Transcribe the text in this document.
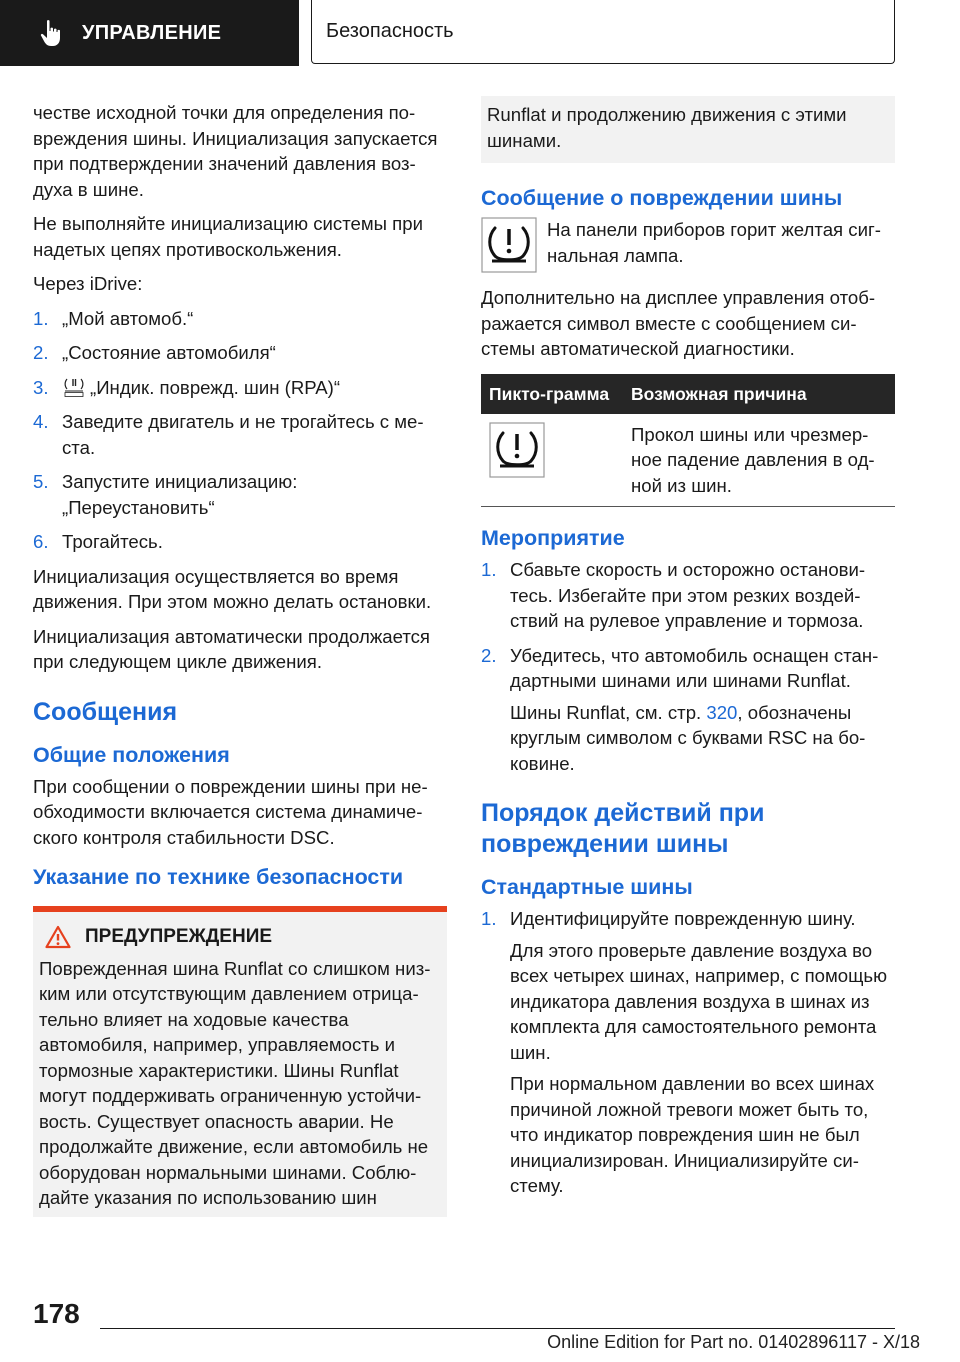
УПРАВЛЕНИЕ	Безопасность

честве исходной точки для определения по-вреждения шины. Инициализация запускается при подтверждении значений давления воз-духа в шине.

Не выполняйте инициализацию системы при надетых цепях противоскольжения.

Через iDrive:

1. „Мой автомоб.“
2. „Состояние автомобиля“
3. „Индик. поврежд. шин (RPA)“
4. Заведите двигатель и не трогайтесь с ме-ста.
5. Запустите инициализацию: „Переустановить“
6. Трогайтесь.

Инициализация осуществляется во время движения. При этом можно делать остановки.

Инициализация автоматически продолжается при следующем цикле движения.

Сообщения
Общие положения

При сообщении о повреждении шины при не-обходимости включается система динамиче-ского контроля стабильности DSC.

Указание по технике безопасности
ПРЕДУПРЕЖДЕНИЕ

Поврежденная шина Runflat со слишком низ-ким или отсутствующим давлением отрица-тельно влияет на ходовые качества автомобиля, например, управляемость и тормозные характеристики. Шины Runflat могут поддерживать ограниченную устойчи-вость. Существует опасность аварии. Не продолжайте движение, если автомобиль не оборудован нормальными шинами. Соблю-дайте указания по использованию шин

Runflat и продолжению движения с этими шинами.

Сообщение о повреждении шины

На панели приборов горит желтая сиг-нальная лампа.

Дополнительно на дисплее управления отоб-ражается символ вместе с сообщением си-стемы автоматической диагностики.

Пикто-грамма	Возможная причина
	Прокол шины или чрезмер-ное падение давления в од-ной из шин.
Мероприятие
1. Сбавьте скорость и осторожно останови-тесь. Избегайте при этом резких воздей-ствий на рулевое управление и тормоза.
2. Убедитесь, что автомобиль оснащен стан-дартными шинами или шинами Runflat.

Шины Runflat, см. стр. 320, обозначены круглым символом с буквами RSC на бо-ковине.

Порядок действий при повреждении шины
Стандартные шины
1. Идентифицируйте поврежденную шину.

Для этого проверьте давление воздуха во всех четырех шинах, например, с помощью индикатора давления воздуха в шинах из комплекта для самостоятельного ремонта шин.

При нормальном давлении во всех шинах причиной ложной тревоги может быть то, что индикатор повреждения шин не был инициализирован. Инициализируйте си-стему.

178
Online Edition for Part no. 01402896117 - X/18
